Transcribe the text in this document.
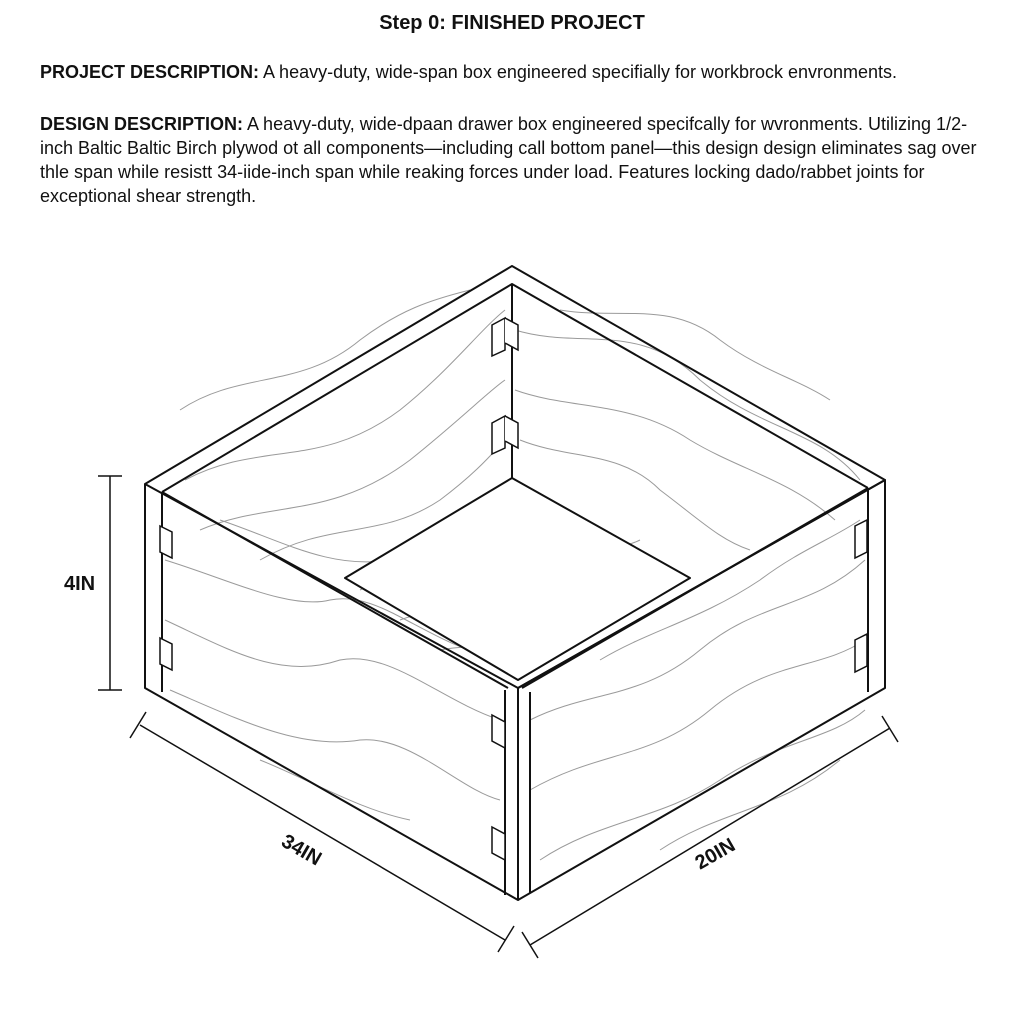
Step 0: FINISHED PROJECT

PROJECT DESCRIPTION: A heavy-duty, wide-span box engineered specifially for workbrock envronments.

DESIGN DESCRIPTION: A heavy-duty, wide-dpaan drawer box engineered specifcally for wvronments. Utilizing 1/2-inch Baltic Baltic Birch plywod ot all components—including call bottom panel—this design design eliminates sag over thle span while resistt 34-iide-inch span while reaking forces under load. Features locking dado/rabbet joints for exceptional shear strength.

4IN
34IN	20IN
